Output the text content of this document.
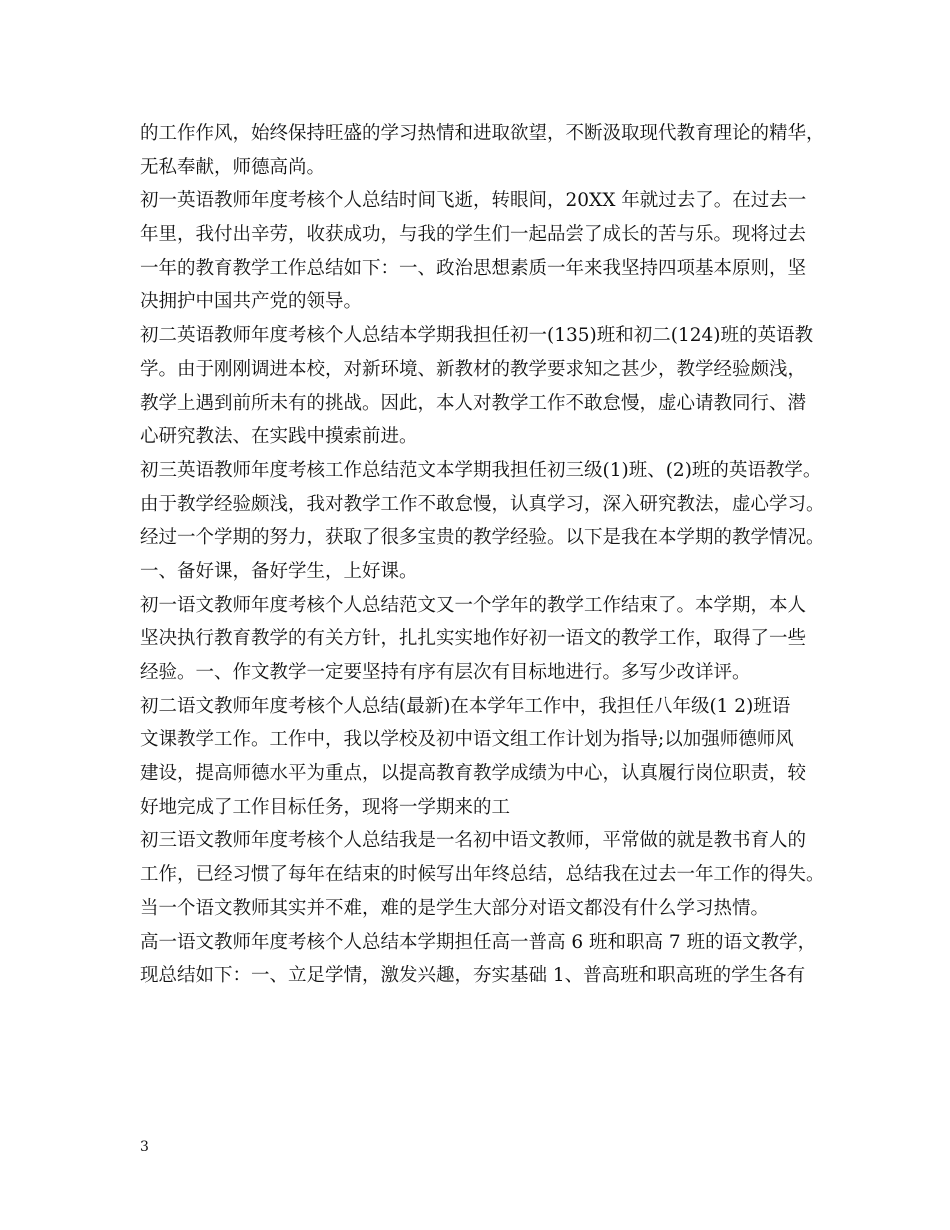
的工作作风，始终保持旺盛的学习热情和进取欲望，不断汲取现代教育理论的精华，
无私奉献，师德高尚。
初一英语教师年度考核个人总结时间飞逝，转眼间，20XX 年就过去了。在过去一
年里，我付出辛劳，收获成功，与我的学生们一起品尝了成长的苦与乐。现将过去
一年的教育教学工作总结如下：一、政治思想素质一年来我坚持四项基本原则，坚
决拥护中国共产党的领导。
初二英语教师年度考核个人总结本学期我担任初一(135)班和初二(124)班的英语教
学。由于刚刚调进本校，对新环境、新教材的教学要求知之甚少，教学经验颇浅，
教学上遇到前所未有的挑战。因此，本人对教学工作不敢怠慢，虚心请教同行、潜
心研究教法、在实践中摸索前进。
初三英语教师年度考核工作总结范文本学期我担任初三级(1)班、(2)班的英语教学。
由于教学经验颇浅，我对教学工作不敢怠慢，认真学习，深入研究教法，虚心学习。
经过一个学期的努力，获取了很多宝贵的教学经验。以下是我在本学期的教学情况。
一、备好课，备好学生，上好课。
初一语文教师年度考核个人总结范文又一个学年的教学工作结束了。本学期，本人
坚决执行教育教学的有关方针，扎扎实实地作好初一语文的教学工作，取得了一些
经验。一、作文教学一定要坚持有序有层次有目标地进行。多写少改详评。
初二语文教师年度考核个人总结(最新)在本学年工作中，我担任八年级(1 2)班语
文课教学工作。工作中，我以学校及初中语文组工作计划为指导;以加强师德师风
建设，提高师德水平为重点，以提高教育教学成绩为中心，认真履行岗位职责，较
好地完成了工作目标任务，现将一学期来的工
初三语文教师年度考核个人总结我是一名初中语文教师，平常做的就是教书育人的
工作，已经习惯了每年在结束的时候写出年终总结，总结我在过去一年工作的得失。
当一个语文教师其实并不难，难的是学生大部分对语文都没有什么学习热情。
高一语文教师年度考核个人总结本学期担任高一普高 6 班和职高 7 班的语文教学，
现总结如下：一、立足学情，激发兴趣，夯实基础 1、普高班和职高班的学生各有
3
